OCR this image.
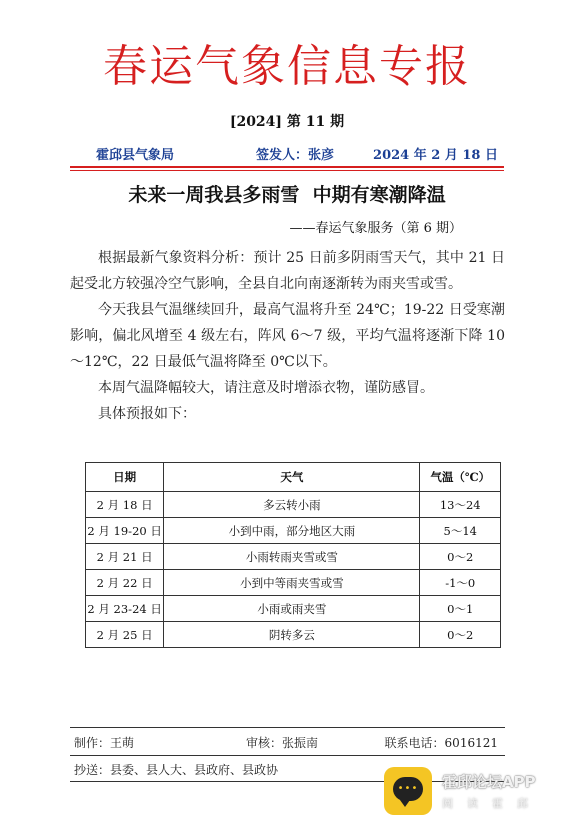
春运气象信息专报
[2024] 第 11 期
霍邱县气象局	签发人：张彦	2024 年 2 月 18 日
未来一周我县多雨雪  中期有寒潮降温
——春运气象服务（第 6 期）

根据最新气象资料分析：预计 25 日前多阴雨雪天气，其中 21 日起受北方较强冷空气影响，全县自北向南逐渐转为雨夹雪或雪。

今天我县气温继续回升，最高气温将升至 24℃；19-22 日受寒潮影响，偏北风增至 4 级左右，阵风 6～7 级，平均气温将逐渐下降 10～12℃，22 日最低气温将降至 0℃以下。

本周气温降幅较大，请注意及时增添衣物，谨防感冒。

具体预报如下：

日期	天气	气温（℃）
2 月 18 日	多云转小雨	13～24
2 月 19-20 日	小到中雨，部分地区大雨	5～14
2 月 21 日	小雨转雨夹雪或雪	0～2
2 月 22 日	小到中等雨夹雪或雪	-1～0
2 月 23-24 日	小雨或雨夹雪	0～1
2 月 25 日	阴转多云	0～2
制作：王萌	审核：张振南	联系电话：6016121
抄送：县委、县人大、县政府、县政协
•••	霍邱论坛APP
阅读霍邱
